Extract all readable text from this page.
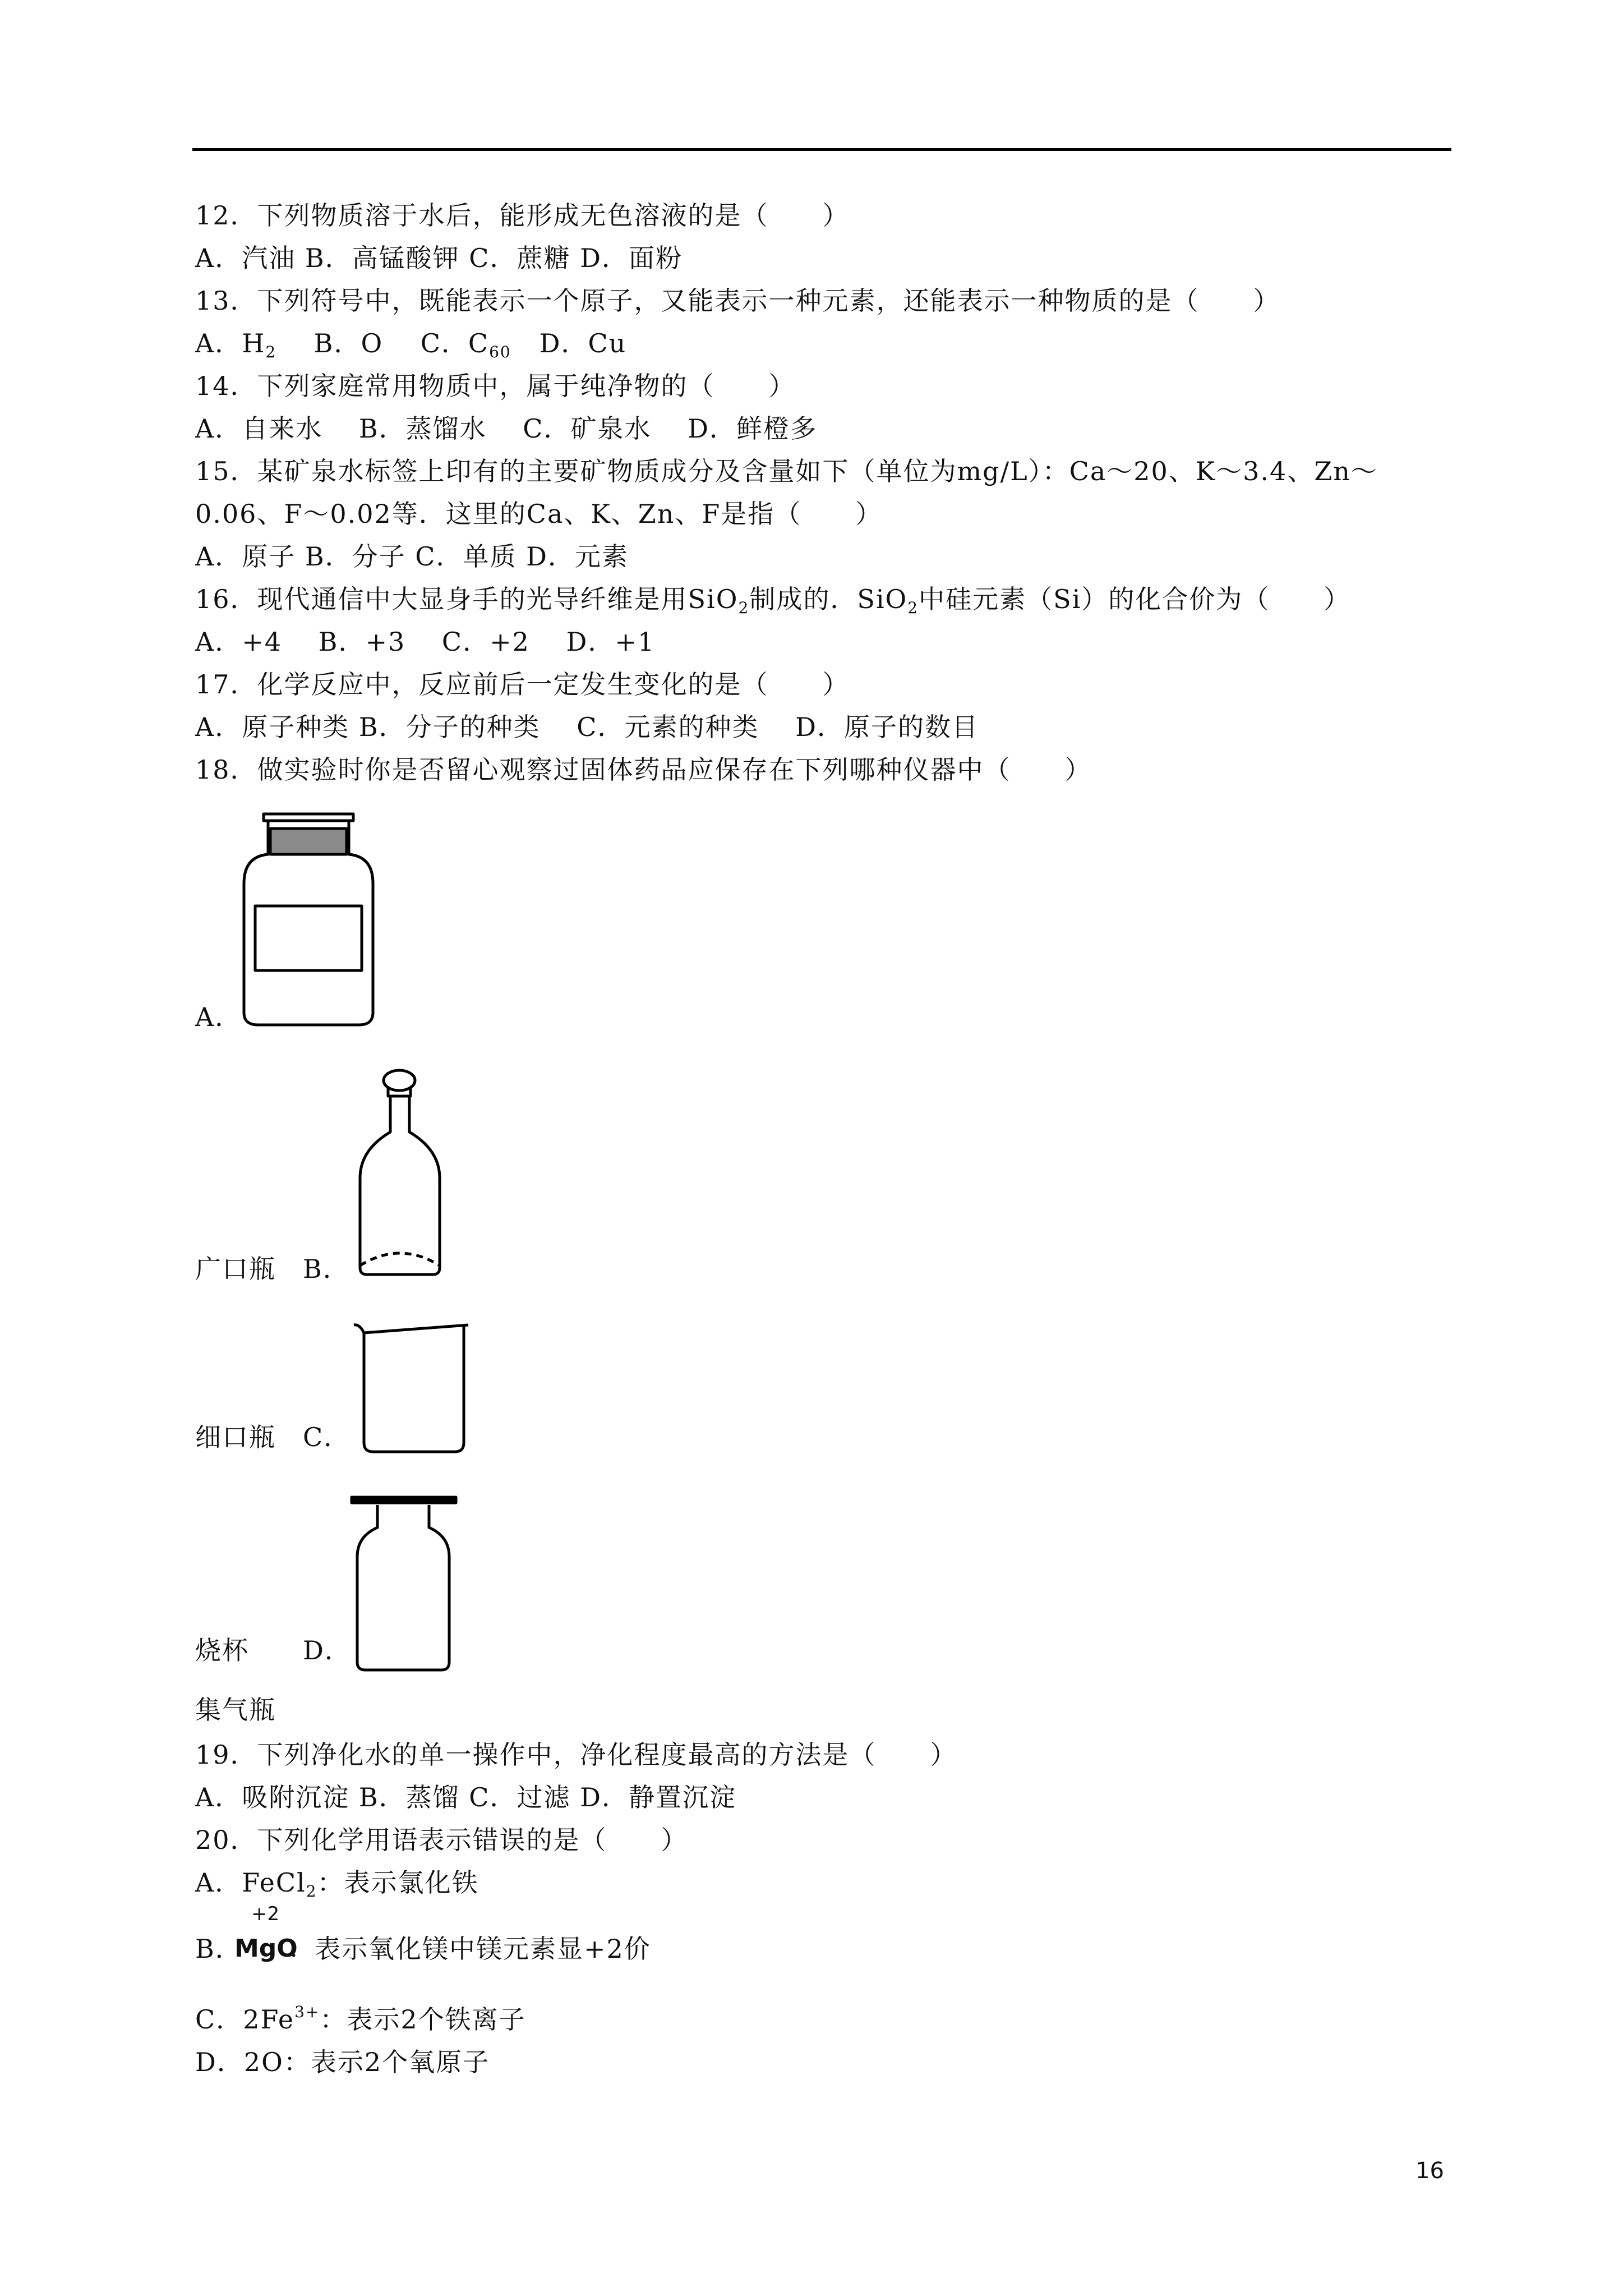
12．下列物质溶于水后，能形成无色溶液的是（　　）
A．汽油 B．高锰酸钾 C．蔗糖 D．面粉
13．下列符号中，既能表示一个原子，又能表示一种元素，还能表示一种物质的是（　　）
A．$H_2$ B．O C．$C_{60}$ D．Cu
14．下列家庭常用物质中，属于纯净物的（　　）
A．自来水　 B．蒸馏水　 C．矿泉水　 D．鲜橙多
15．某矿泉水标签上印有的主要矿物质成分及含量如下（单位为mg/L）：Ca～20、K～3.4、Zn～
0.06、F～0.02等．这里的Ca、K、Zn、F是指（　　）
A．原子 B．分子 C．单质 D．元素
16．现代通信中大显身手的光导纤维是用SiO$_2$制成的．SiO$_2$中硅元素（Si）的化合价为（　　）
A．+4　 B．+3　 C．+2　 D．+1
17．化学反应中，反应前后一定发生变化的是（　　）
A．原子种类 B．分子的种类　 C．元素的种类　 D．原子的数目
18．做实验时你是否留心观察过固体药品应保存在下列哪种仪器中（　　）
A．
广口瓶　B．
细口瓶　C．
烧杯　　D．
集气瓶
19．下列净化水的单一操作中，净化程度最高的方法是（　　）
A．吸附沉淀 B．蒸馏 C．过滤 D．静置沉淀
20．下列化学用语表示错误的是（　　）
A．FeCl$_2$：表示氯化铁
B．
+2
MgO
：表示氧化镁中镁元素显+2价
C．$2Fe^{3+}$：表示2个铁离子
D．2O：表示2个氧原子
16
